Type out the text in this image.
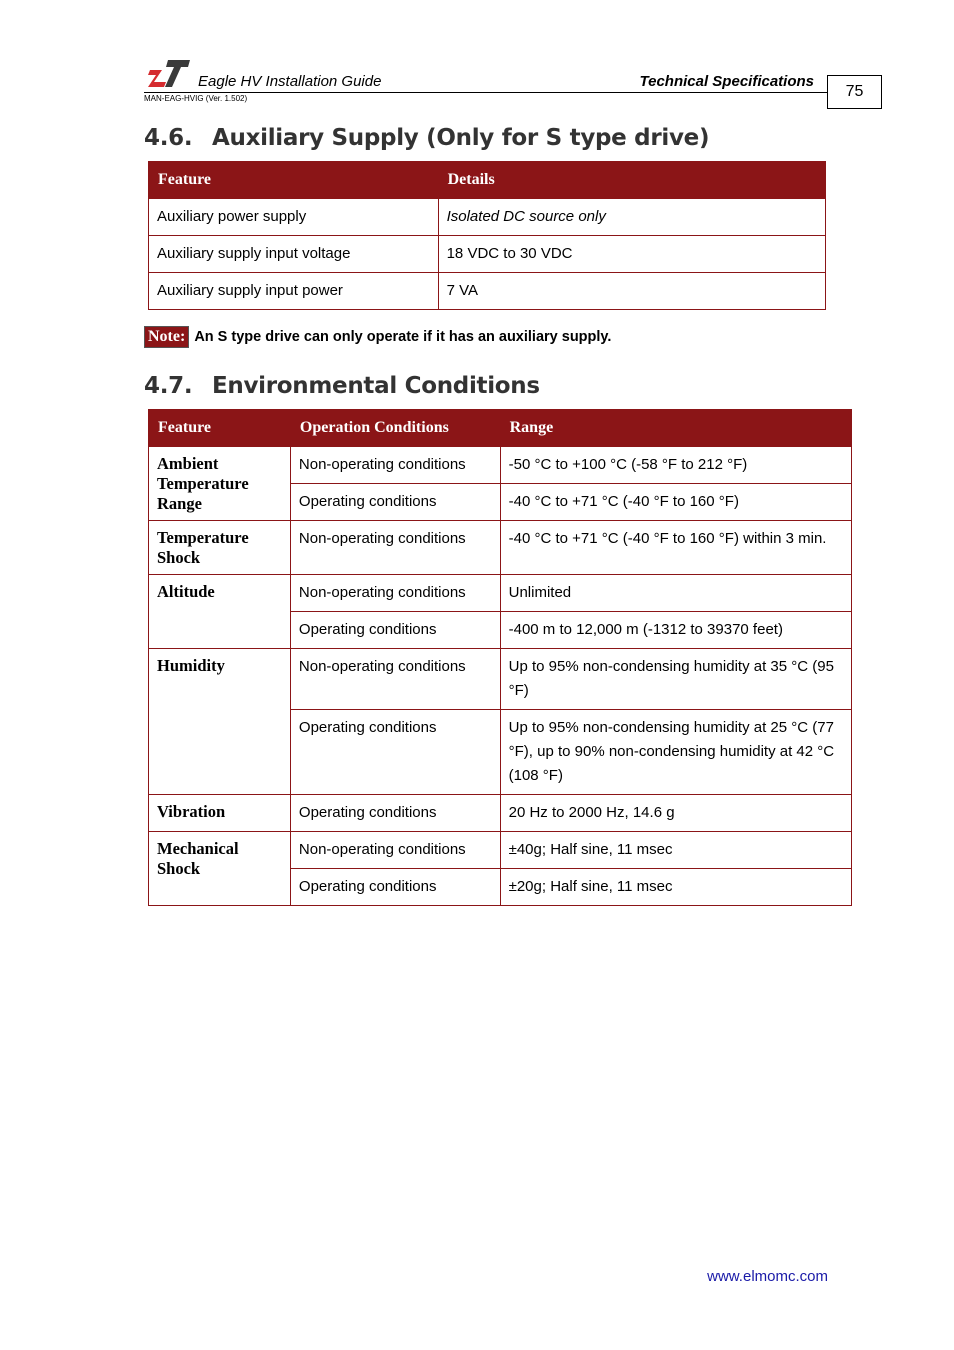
Eagle HV Installation Guide	Technical Specifications
MAN-EAG-HVIG (Ver. 1.502)	75
4.6. Auxiliary Supply (Only for S type drive)
Feature	Details
Auxiliary power supply	Isolated DC source only
Auxiliary supply input voltage	18 VDC to 30 VDC
Auxiliary supply input power	7 VA
Note: An S type drive can only operate if it has an auxiliary supply.
4.7. Environmental Conditions
Feature	Operation Conditions	Range
Ambient Temperature Range	Non-operating conditions	-50 °C to +100 °C (-58 °F to 212 °F)
	Operating conditions	-40 °C to +71 °C (-40 °F to 160 °F)
Temperature Shock	Non-operating conditions	-40 °C to +71 °C (-40 °F to 160 °F) within 3 min.
Altitude	Non-operating conditions	Unlimited
	Operating conditions	-400 m to 12,000 m (-1312 to 39370 feet)
Humidity	Non-operating conditions	Up to 95% non-condensing humidity at 35 °C (95 °F)
	Operating conditions	Up to 95% non-condensing humidity at 25 °C (77 °F), up to 90% non-condensing humidity at 42 °C (108 °F)
Vibration	Operating conditions	20 Hz to 2000 Hz, 14.6 g
Mechanical Shock	Non-operating conditions	±40g; Half sine, 11 msec
	Operating conditions	±20g; Half sine, 11 msec
www.elmomc.com
